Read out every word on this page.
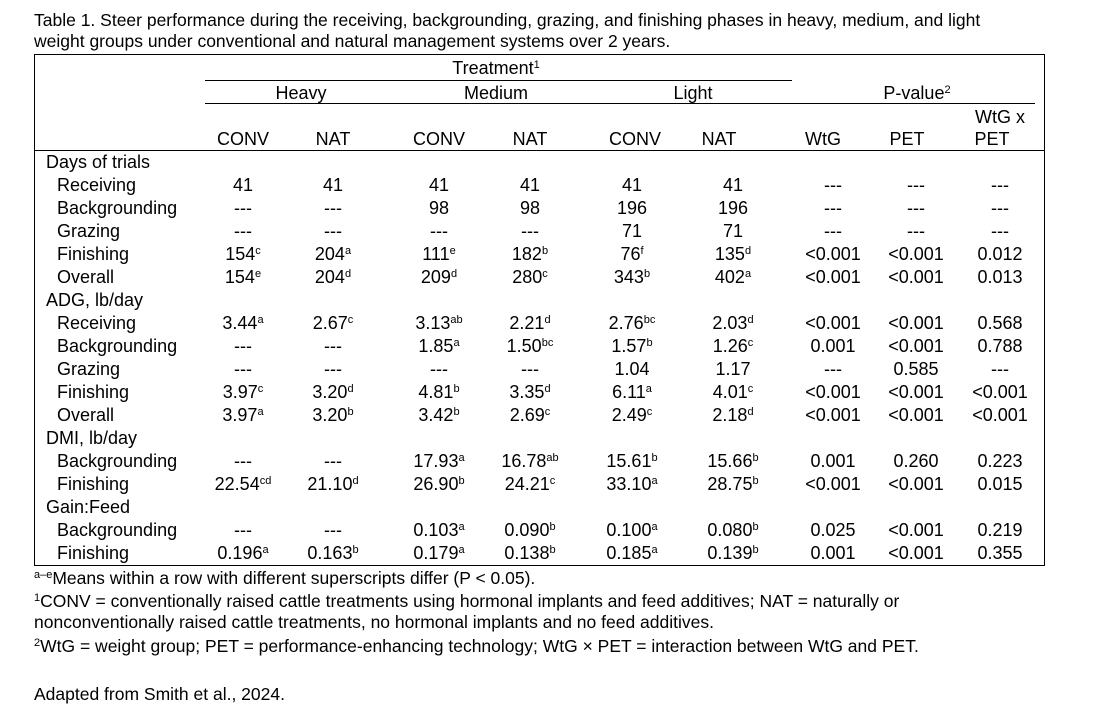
Table 1. Steer performance during the receiving, backgrounding, grazing, and finishing phases in heavy, medium, and light weight groups under conventional and natural management systems over 2 years.
Treatment$^1$
Heavy	Medium	Light	P-value$^2$
WtG x
CONV	NAT	CONV	NAT	CONV NAT	WtG	PET	PET
Days of trials
Receiving	41	41	41	41	41	41	---	---	---
Backgrounding	---	---	98	98	196	196	---	---	---
Grazing	---	---	---	---	71	71	---	---	---
Finishing	154$^c$	204$^a$	111e	182$^b$	76$^f$	$135^d$	<0.001 <0.001 0.012
Overall	154e	204$^d$	209$^d$	280$^c$	343$^b$	$402^a$	<0.001 <0.001 0.013
ADG, lb/day
Receiving	3.44$^a$	2.67$^c$	3.13$^{ab}$	2.21$^d$	2.76$^{bc}$	2.03$^d$	<0.001 <0.001 0.568
Backgrounding	---	---	1.85$^a$	1.50$^{bc}$	1.57$^b$	1.26$^c$	0.001 <0.001 0.788
Grazing	---	---	---	---	1.04	1.17	---	0.585	---
Finishing	3.97$^c$	3.20$^d$	4.81$^b$	3.35$^d$	6.11$^a$	4.01$^c$	<0.001 <0.001 <0.001
Overall	3.97$^a$	3.20$^b$	3.42$^b$	2.69$^c$	2.49$^c$	2.18$^d$	<0.001 <0.001 <0.001
DMI, lb/day
Backgrounding	---	---	17.93$^a$ 16.78$^{ab}$	15.61$^b$	15.66$^b$	0.001 0.260 0.223
Finishing	22.54$^{cd}$ 21.10$^d$	26.90$^b$ 24.21$^c$	33.10$^a$	28.75$^b$	<0.001 <0.001 0.015
Gain:Feed
Backgrounding	---	---	0.103$^a$ 0.090$^b$	0.100$^a$	0.080$^b$	0.025 <0.001 0.219
Finishing	0.196$^a$ 0.163$^b$	0.179$^a$ 0.138$^b$	0.185$^a$	0.139$^b$	0.001 <0.001 0.355
$^{a-e}$Means within a row with different superscripts differ (P < 0.05).
$^1$CONV = conventionally raised cattle treatments using hormonal implants and feed additives; NAT = naturally or nonconventionally raised cattle treatments, no hormonal implants and no feed additives.
$^2$WtG = weight group; PET = performance-enhancing technology; WtG × PET = interaction between WtG and PET.
Adapted from Smith et al., 2024.
